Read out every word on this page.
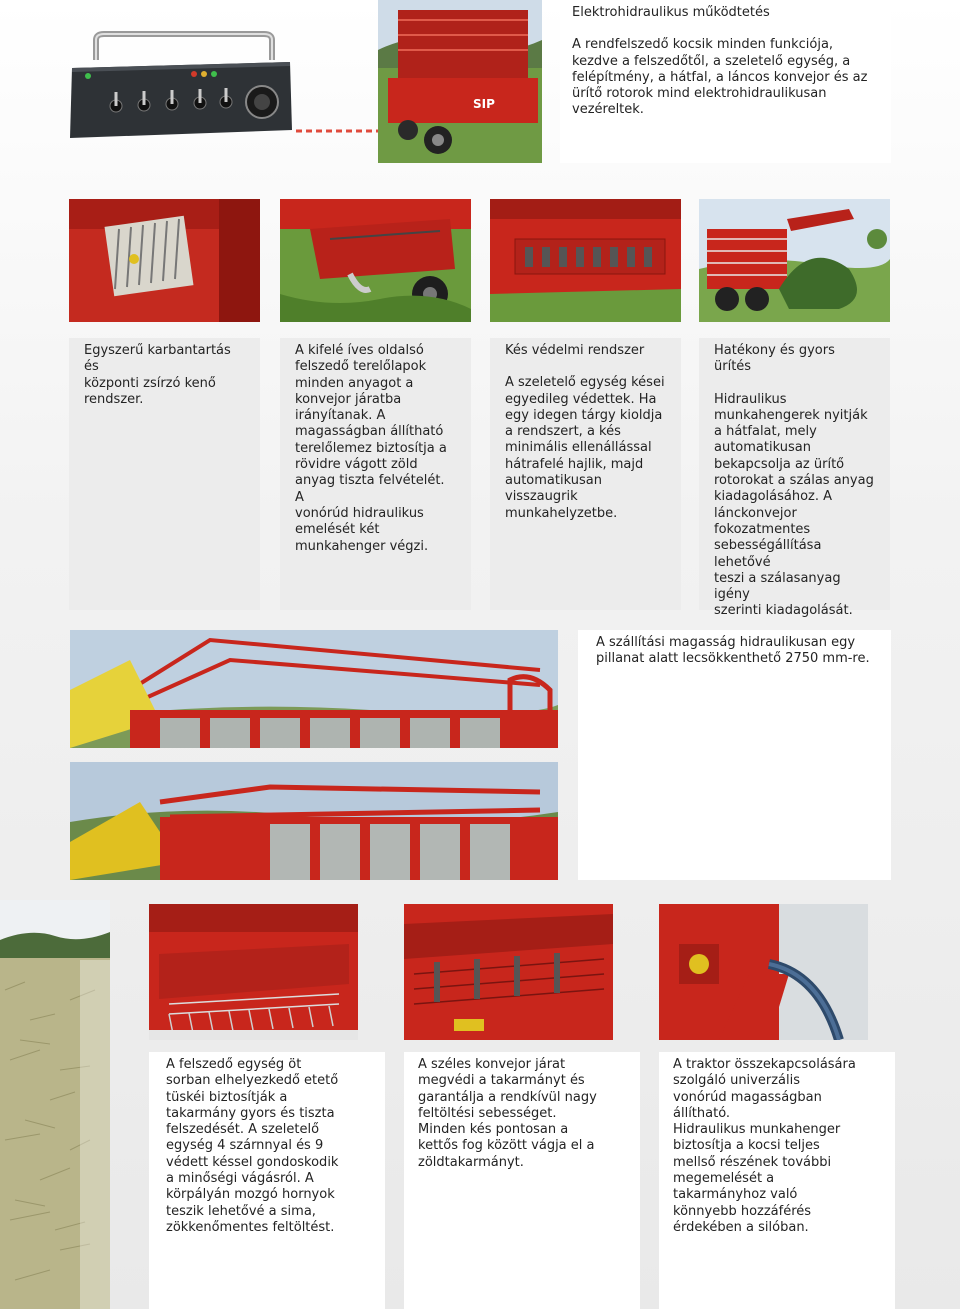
SIP
Elektrohidraulikus működtetés
A rendfelszedő kocsik minden funkciója,
kezdve a felszedőtől, a szeletelő egység, a
felépítmény, a hátfal, a láncos konvejor és az
ürítő rotorok mind elektrohidraulikusan
vezéreltek.
Egyszerű karbantartás és
központi zsírzó kenő
rendszer.
A kifelé íves oldalsó
felszedő terelőlapok
minden anyagot a
konvejor járatba
irányítanak. A
magasságban állítható
terelőlemez biztosítja a
rövidre vágott zöld
anyag tiszta felvételét. A
vonórúd hidraulikus
emelését két
munkahenger végzi.
Kés védelmi rendszer
A szeletelő egység kései
egyedileg védettek. Ha
egy idegen tárgy kioldja
a rendszert, a kés
minimális ellenállással
hátrafelé hajlik, majd
automatikusan
visszaugrik
munkahelyzetbe.
Hatékony és gyors ürítés
Hidraulikus
munkahengerek nyitják
a hátfalat, mely
automatikusan
bekapcsolja az ürítő
rotorokat a szálas anyag
kiadagolásához. A
lánckonvejor
fokozatmentes
sebességállítása lehetővé
teszi a szálasanyag igény
szerinti kiadagolását.
A szállítási magasság hidraulikusan egy
pillanat alatt lecsökkenthető 2750 mm-re.
A felszedő egység öt
sorban elhelyezkedő etető
tüskéi biztosítják a
takarmány gyors és tiszta
felszedését. A szeletelő
egység 4 szárnnyal és 9
védett késsel gondoskodik
a minőségi vágásról. A
körpályán mozgó hornyok
teszik lehetővé a sima,
zökkenőmentes feltöltést.
A széles konvejor járat
megvédi a takarmányt és
garantálja a rendkívül nagy
feltöltési sebességet.
Minden kés pontosan a
kettős fog között vágja el a
zöldtakarmányt.
A traktor összekapcsolására
szolgáló univerzális
vonórúd magasságban
állítható.
Hidraulikus munkahenger
biztosítja a kocsi teljes
mellső részének további
megemelését a
takarmányhoz való
könnyebb hozzáférés
érdekében a silóban.
